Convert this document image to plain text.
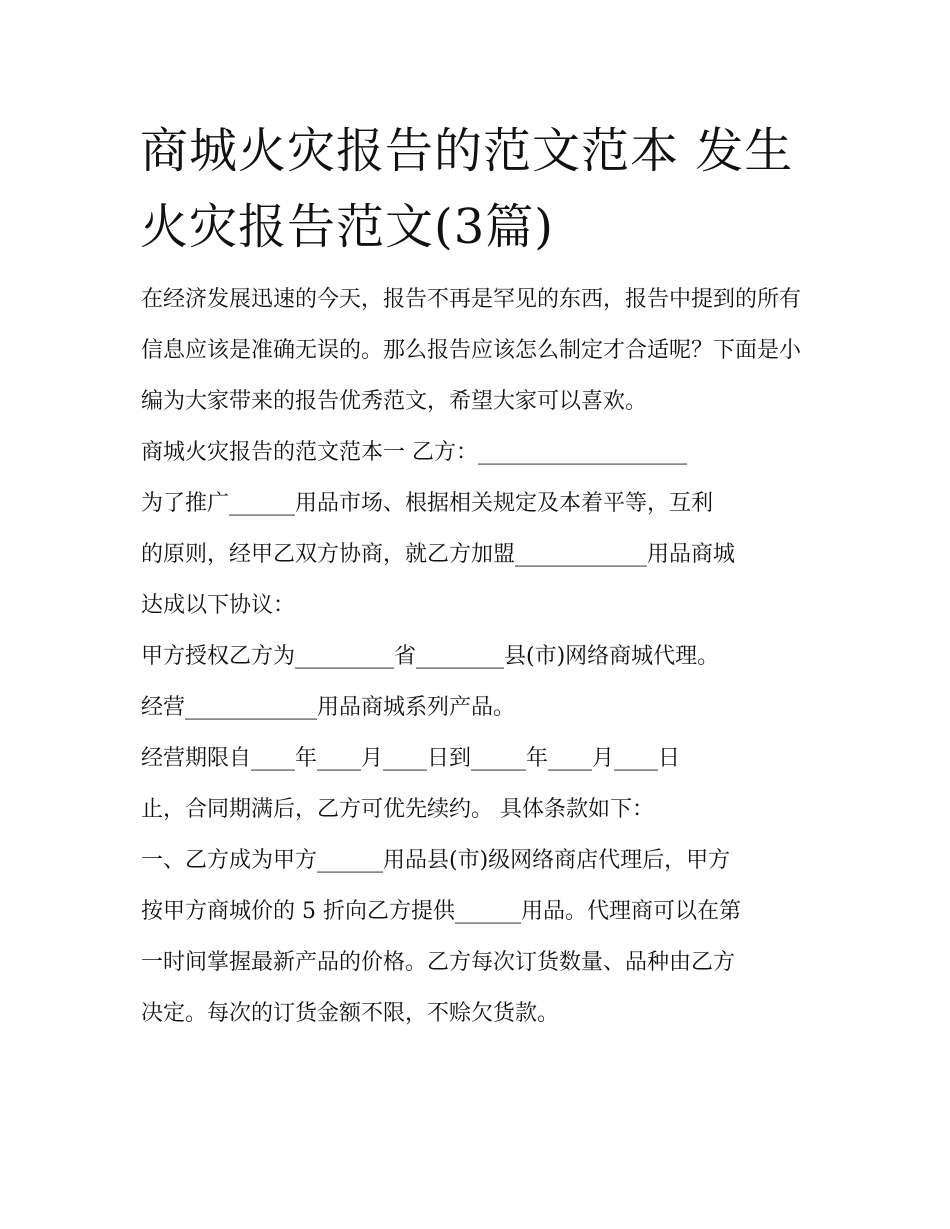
商城火灾报告的范文范本 发生火灾报告范文(3篇)

在经济发展迅速的今天，报告不再是罕见的东西，报告中提到的所有信息应该是准确无误的。那么报告应该怎么制定才合适呢？下面是小编为大家带来的报告优秀范文，希望大家可以喜欢。

商城火灾报告的范文范本一 乙方：___________________

为了推广______用品市场、根据相关规定及本着平等，互利

的原则，经甲乙双方协商，就乙方加盟____________用品商城

达成以下协议：

甲方授权乙方为_________省________县(市)网络商城代理。

经营____________用品商城系列产品。

经营期限自____年____月____日到_____年____月____日

止，合同期满后，乙方可优先续约。 具体条款如下：

一、乙方成为甲方______用品县(市)级网络商店代理后，甲方

按甲方商城价的 5 折向乙方提供______用品。代理商可以在第

一时间掌握最新产品的价格。乙方每次订货数量、品种由乙方

决定。每次的订货金额不限，不赊欠货款。
